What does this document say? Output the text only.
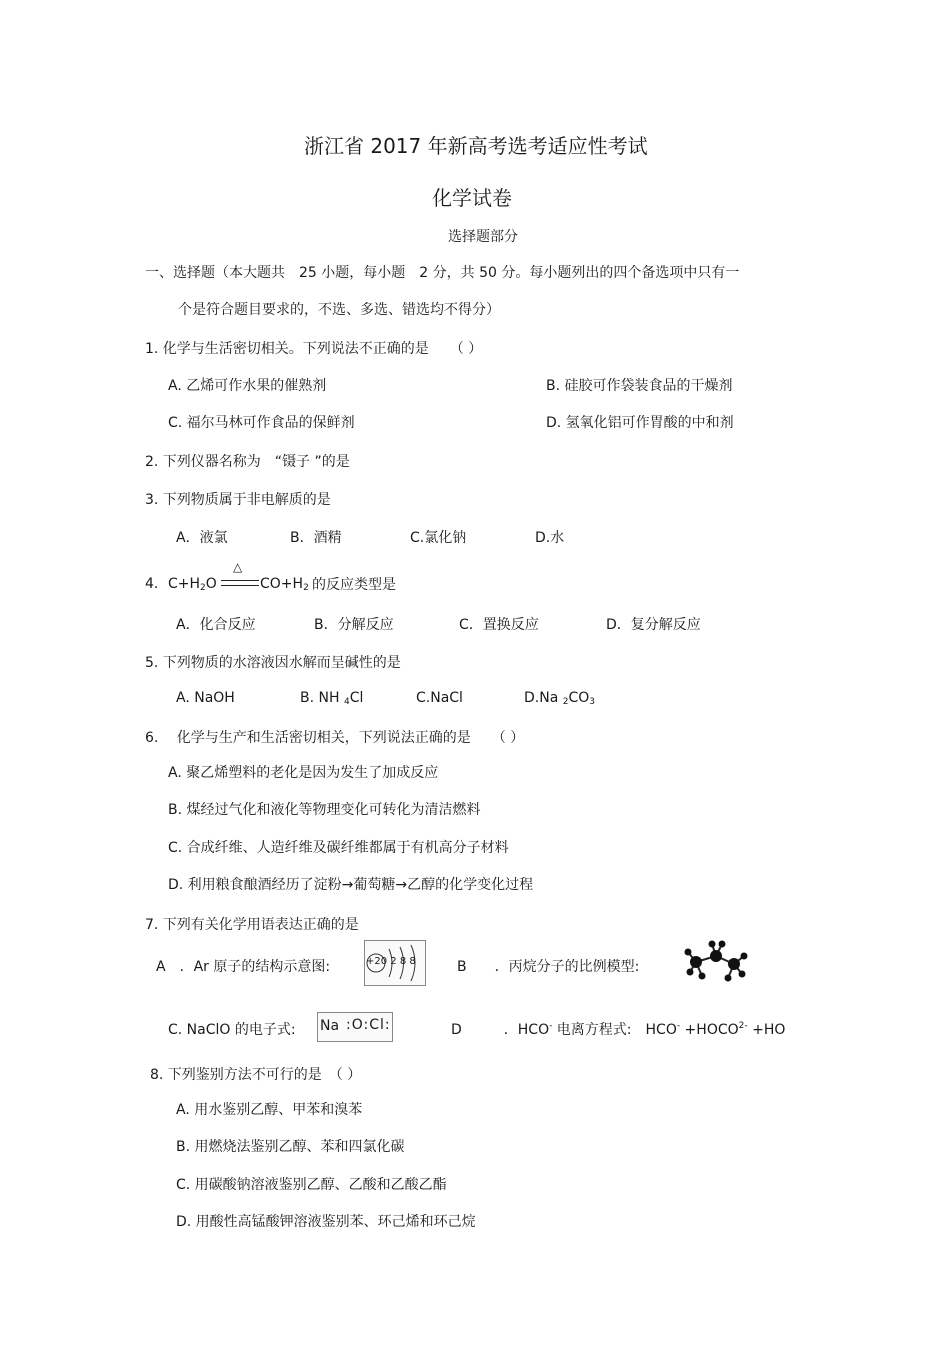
浙江省 2017 年新高考选考适应性考试
化学试卷
选择题部分
一、选择题（本大题共　25 小题，每小题　2 分，共 50 分。每小题列出的四个备选项中只有一
个是符合题目要求的，不选、多选、错选均不得分）
1. 化学与生活密切相关。下列说法不正确的是　　（ ）
A. 乙烯可作水果的催熟剂	B. 硅胶可作袋装食品的干燥剂
C. 福尔马林可作食品的保鲜剂	D. 氢氧化铝可作胃酸的中和剂
2. 下列仪器名称为　“镊子 ”的是
3. 下列物质属于非电解质的是
A．液氯	B．酒精	C.氯化钠	D.水
4. $C+H_2O$
△
$CO+H_2$ 的反应类型是
A．化合反应	B．分解反应	C．置换反应	D．复分解反应
5. 下列物质的水溶液因水解而呈碱性的是
A. NaOH	B. NH $_4$Cl	C.NaCl	D.Na $_2CO_3$
6.　 化学与生产和生活密切相关，下列说法正确的是　　（ ）
A. 聚乙烯塑料的老化是因为发生了加成反应
B. 煤经过气化和液化等物理变化可转化为清洁燃料
C. 合成纤维、人造纤维及碳纤维都属于有机高分子材料
D. 利用粮食酿酒经历了淀粉→葡萄糖→乙醇的化学变化过程
7. 下列有关化学用语表达正确的是
A　．Ar 原子的结构示意图:	+20 2 8 8	B　　．丙烷分子的比例模型:
C. NaClO 的电子式: Na :O:Cl:	D　　　．HCO- 电离方程式:　$HCO^- +HOCO^{2-} +HO$
8. 下列鉴别方法不可行的是　（ ）
A. 用水鉴别乙醇、甲苯和溴苯
B. 用燃烧法鉴别乙醇、苯和四氯化碳
C. 用碳酸钠溶液鉴别乙醇、乙酸和乙酸乙酯
D. 用酸性高锰酸钾溶液鉴别苯、环己烯和环己烷
